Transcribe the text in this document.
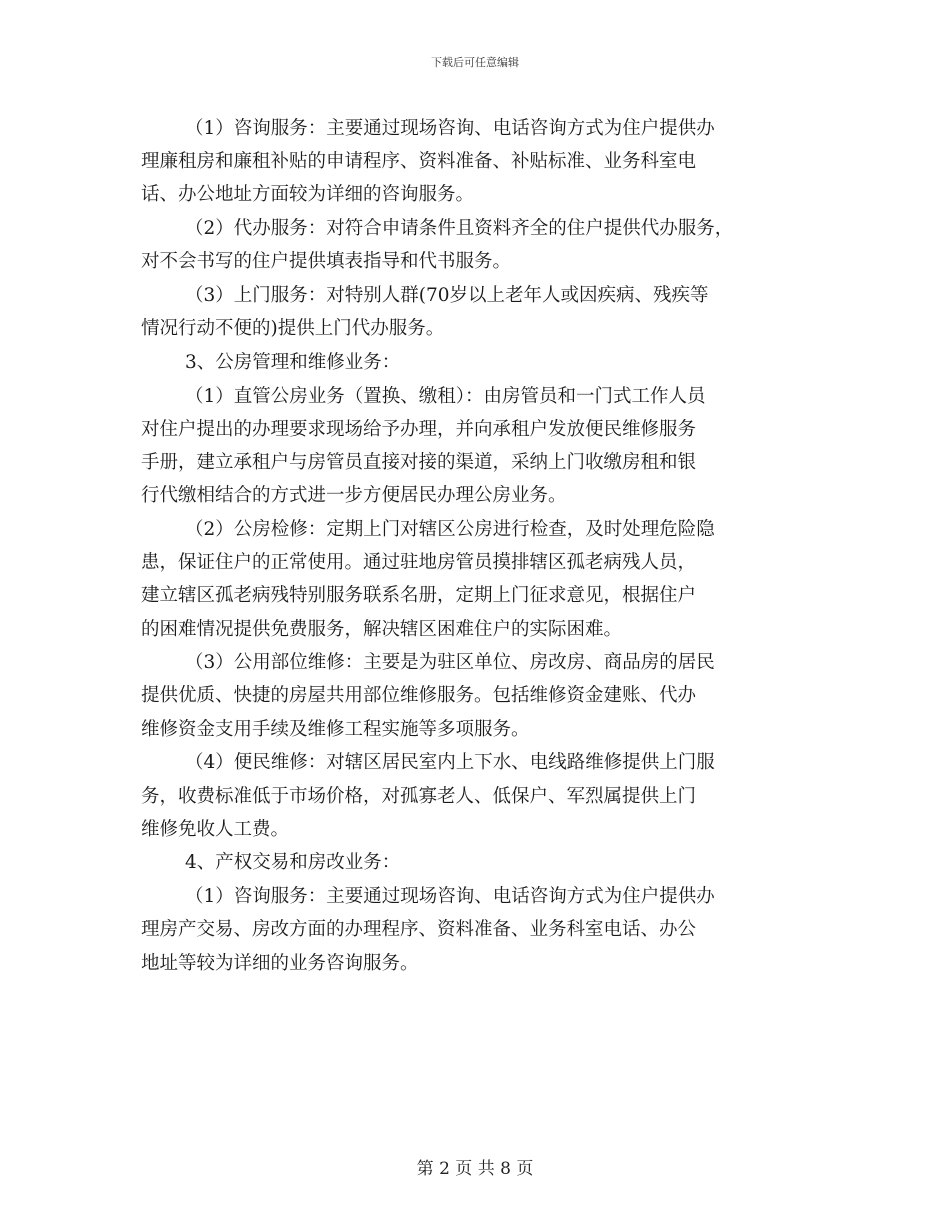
下载后可任意编辑

（1）咨询服务：主要通过现场咨询、电话咨询方式为住户提供办
理廉租房和廉租补贴的申请程序、资料准备、补贴标准、业务科室电
话、办公地址方面较为详细的咨询服务。

（2）代办服务：对符合申请条件且资料齐全的住户提供代办服务，
对不会书写的住户提供填表指导和代书服务。

（3）上门服务：对特别人群(70岁以上老年人或因疾病、残疾等
情况行动不便的)提供上门代办服务。

3、公房管理和维修业务：

（1）直管公房业务（置换、缴租）：由房管员和一门式工作人员
对住户提出的办理要求现场给予办理，并向承租户发放便民维修服务
手册，建立承租户与房管员直接对接的渠道，采纳上门收缴房租和银
行代缴相结合的方式进一步方便居民办理公房业务。

（2）公房检修：定期上门对辖区公房进行检查，及时处理危险隐
患，保证住户的正常使用。通过驻地房管员摸排辖区孤老病残人员，
建立辖区孤老病残特别服务联系名册，定期上门征求意见，根据住户
的困难情况提供免费服务，解决辖区困难住户的实际困难。

（3）公用部位维修：主要是为驻区单位、房改房、商品房的居民
提供优质、快捷的房屋共用部位维修服务。包括维修资金建账、代办
维修资金支用手续及维修工程实施等多项服务。

（4）便民维修：对辖区居民室内上下水、电线路维修提供上门服
务，收费标准低于市场价格，对孤寡老人、低保户、军烈属提供上门
维修免收人工费。

4、产权交易和房改业务：

（1）咨询服务：主要通过现场咨询、电话咨询方式为住户提供办
理房产交易、房改方面的办理程序、资料准备、业务科室电话、办公
地址等较为详细的业务咨询服务。

第 2 页 共 8 页
